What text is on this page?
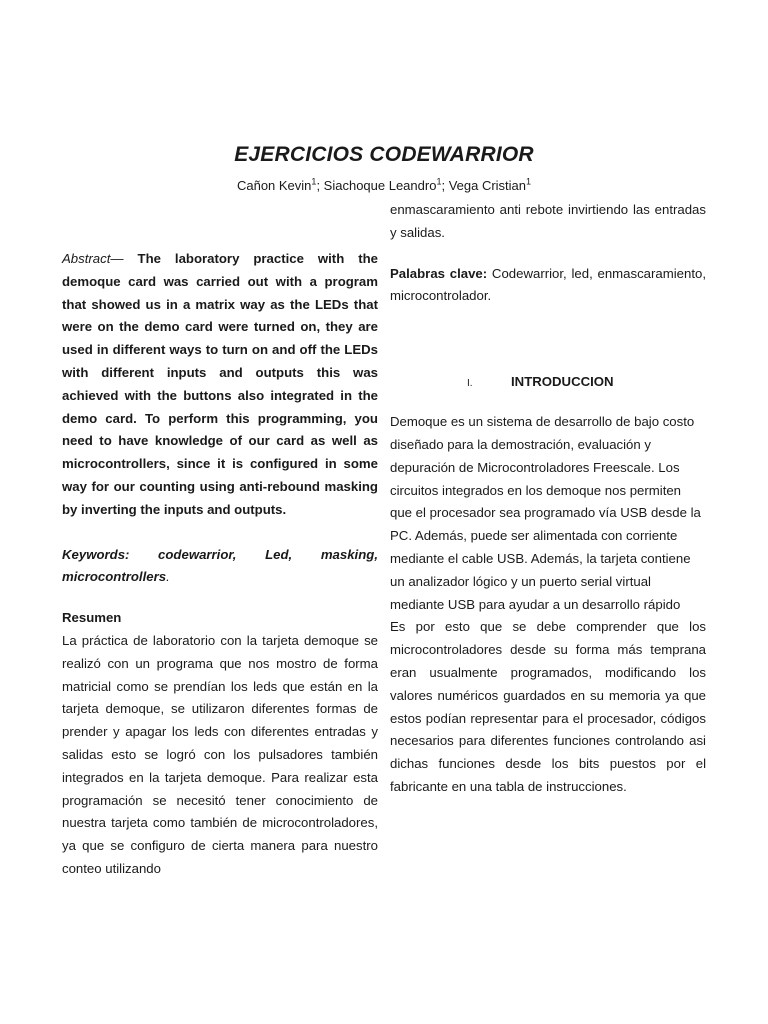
EJERCICIOS CODEWARRIOR
Cañon Kevin$^1$; Siachoque Leandro$^1$; Vega Cristian$^1$

Abstract— The laboratory practice with the demoque card was carried out with a program that showed us in a matrix way as the LEDs that were on the demo card were turned on, they are used in different ways to turn on and off the LEDs with different inputs and outputs this was achieved with the buttons also integrated in the demo card. To perform this programming, you need to have knowledge of our card as well as microcontrollers, since it is configured in some way for our counting using anti-rebound masking by inverting the inputs and outputs.

Keywords: codewarrior, Led, masking, microcontrollers.

Resumen

La práctica de laboratorio con la tarjeta demoque se realizó con un programa que nos mostro de forma matricial como se prendían los leds que están en la tarjeta demoque, se utilizaron diferentes formas de prender y apagar los leds con diferentes entradas y salidas esto se logró con los pulsadores también integrados en la tarjeta demoque. Para realizar esta programación se necesitó tener conocimiento de nuestra tarjeta como también de microcontroladores, ya que se configuro de cierta manera para nuestro conteo utilizando

enmascaramiento anti rebote invirtiendo las entradas y salidas.

Palabras clave: Codewarrior, led, enmascaramiento, microcontrolador.

I.	INTRODUCCION

Demoque es un sistema de desarrollo de bajo costo diseñado para la demostración, evaluación y depuración de Microcontroladores Freescale. Los circuitos integrados en los demoque nos permiten que el procesador sea programado vía USB desde la PC. Además, puede ser alimentada con corriente mediante el cable USB. Además, la tarjeta contiene un analizador lógico y un puerto serial virtual mediante USB para ayudar a un desarrollo rápido

Es por esto que se debe comprender que los microcontroladores desde su forma más temprana eran usualmente programados, modificando los valores numéricos guardados en su memoria ya que estos podían representar para el procesador, códigos necesarios para diferentes funciones controlando asi dichas funciones desde los bits puestos por el fabricante en una tabla de instrucciones.
